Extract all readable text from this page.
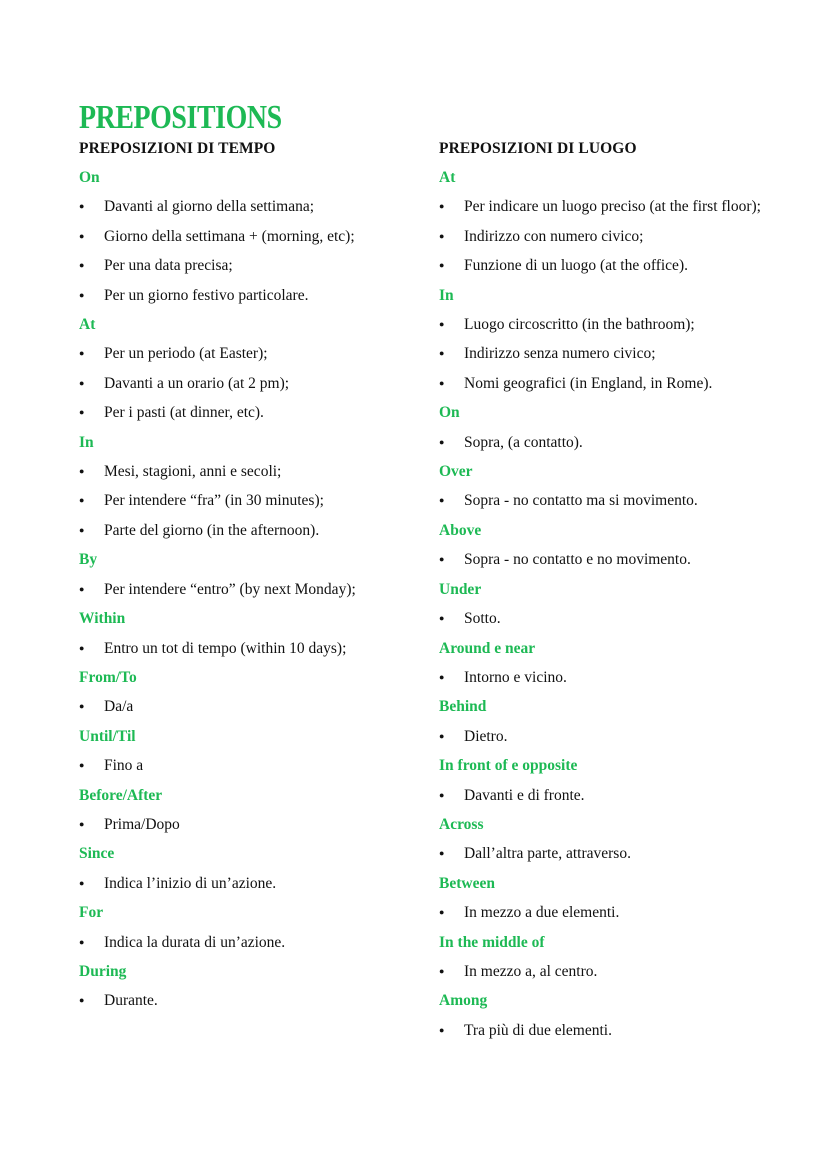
PREPOSITIONS
PREPOSIZIONI DI TEMPO
On
● Davanti al giorno della settimana;
● Giorno della settimana + (morning, etc);
● Per una data precisa;
● Per un giorno festivo particolare.
At
● Per un periodo (at Easter);
● Davanti a un orario (at 2 pm);
● Per i pasti (at dinner, etc).
In
● Mesi, stagioni, anni e secoli;
● Per intendere “fra” (in 30 minutes);
● Parte del giorno (in the afternoon).
By
● Per intendere “entro” (by next Monday);
Within
● Entro un tot di tempo (within 10 days);
From/To
● Da/a
Until/Til
● Fino a
Before/After
● Prima/Dopo
Since
● Indica l’inizio di un’azione.
For
● Indica la durata di un’azione.
During
● Durante.
PREPOSIZIONI DI LUOGO
At
● Per indicare un luogo preciso (at the first floor);
● Indirizzo con numero civico;
● Funzione di un luogo (at the office).
In
● Luogo circoscritto (in the bathroom);
● Indirizzo senza numero civico;
● Nomi geografici (in England, in Rome).
On
● Sopra, (a contatto).
Over
● Sopra - no contatto ma si movimento.
Above
● Sopra - no contatto e no movimento.
Under
● Sotto.
Around e near
● Intorno e vicino.
Behind
● Dietro.
In front of e opposite
● Davanti e di fronte.
Across
● Dall’altra parte, attraverso.
Between
● In mezzo a due elementi.
In the middle of
● In mezzo a, al centro.
Among
● Tra più di due elementi.
